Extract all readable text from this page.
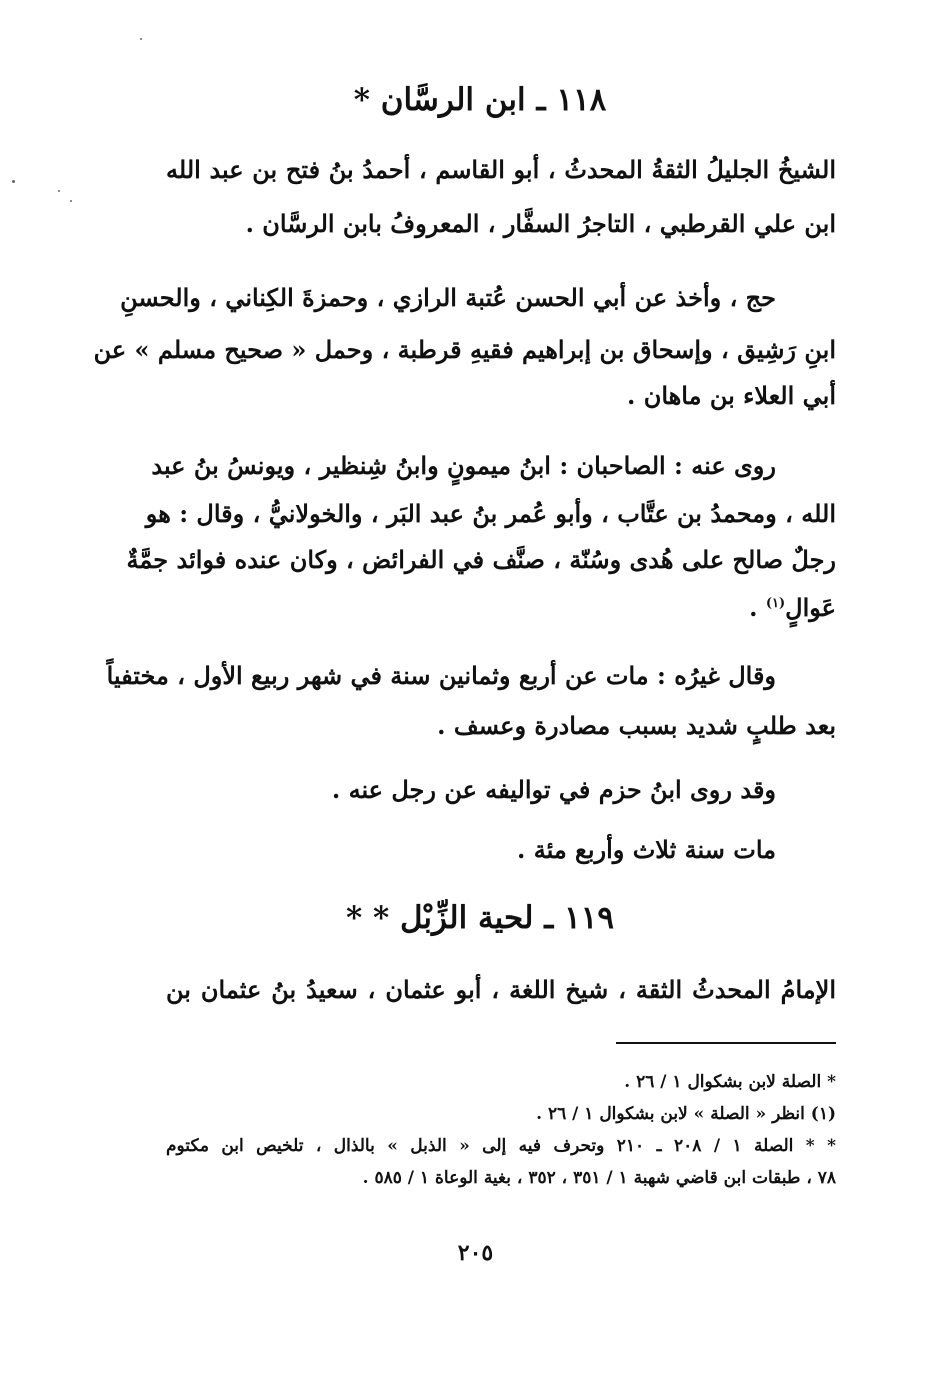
١١٨ ـ ابن الرسَّان *
الشيخُ الجليلُ الثقةُ المحدثُ ، أبو القاسم ، أحمدُ بنُ فتح بن عبد الله
ابن علي القرطبي ، التاجرُ السفَّار ، المعروفُ بابن الرسَّان .
حج ، وأخذ عن أبي الحسن عُتبة الرازي ، وحمزةَ الكِناني ، والحسنِ
ابنِ رَشِيق ، وإسحاق بن إبراهيم فقيهِ قرطبة ، وحمل « صحيح مسلم » عن
أبي العلاء بن ماهان .
روى عنه : الصاحبان : ابنُ ميمونٍ وابنُ شِنظير ، ويونسُ بنُ عبد
الله ، ومحمدُ بن عتَّاب ، وأبو عُمر بنُ عبد البَر ، والخولانيُّ ، وقال : هو
رجلٌ صالح على هُدى وسُنّة ، صنَّف في الفرائض ، وكان عنده فوائد جمَّةٌ
عَوالٍ$^{(١)}$ .
وقال غيرُه : مات عن أربع وثمانين سنة في شهر ربيع الأول ، مختفياً
بعد طلبٍ شديد بسبب مصادرة وعسف .
وقد روى ابنُ حزم في تواليفه عن رجل عنه .
مات سنة ثلاث وأربع مئة .
١١٩ ـ لحية الزِّبْل * *
الإمامُ المحدثُ الثقة ، شيخ اللغة ، أبو عثمان ، سعيدُ بنُ عثمان بن
* الصلة لابن بشكوال ١ / ٢٦ .
(١) انظر « الصلة » لابن بشكوال ١ / ٢٦ .
* * الصلة ١ / ٢٠٨ ـ ٢١٠ وتحرف فيه إلى « الذبل » بالذال ، تلخيص ابن مكتوم
٧٨ ، طبقات ابن قاضي شهبة ١ / ٣٥١ ، ٣٥٢ ، بغية الوعاة ١ / ٥٨٥ .
٢٠٥
